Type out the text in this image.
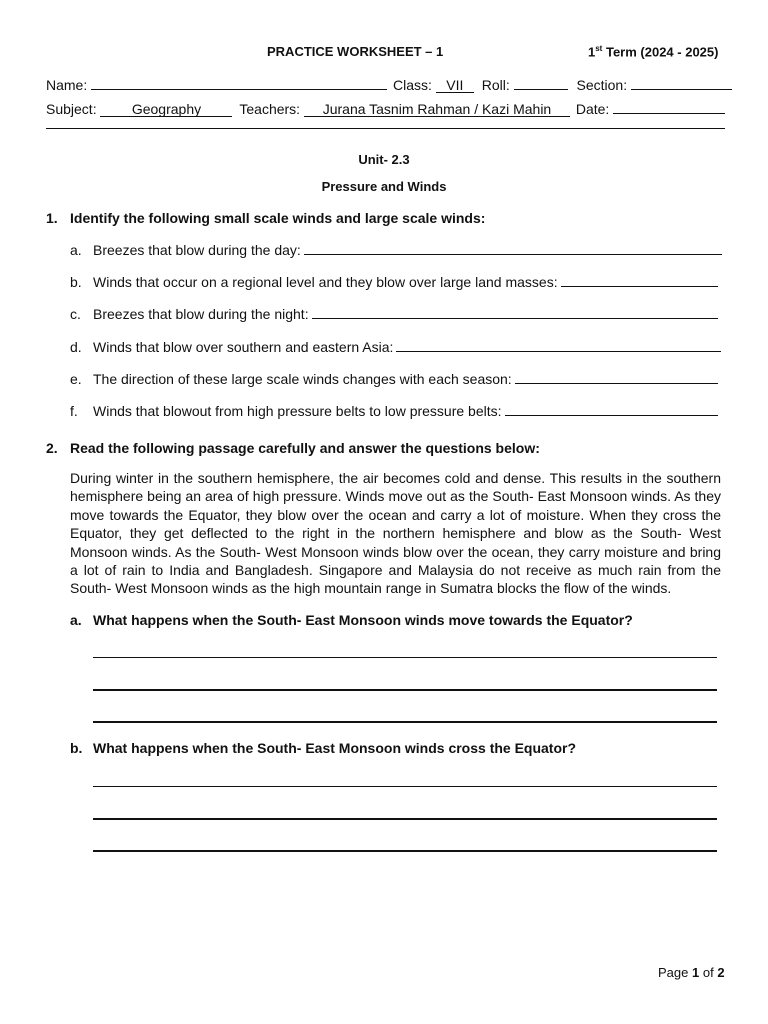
PRACTICE WORKSHEET – 1	1st Term (2024 - 2025)
Name:	Class: VII Roll:	Section:
Subject:	Geography	Teachers: Jurana Tasnim Rahman / Kazi Mahin Date:
Unit- 2.3
Pressure and Winds
1. Identify the following small scale winds and large scale winds:
a. Breezes that blow during the day:
b. Winds that occur on a regional level and they blow over large land masses:
c. Breezes that blow during the night:
d. Winds that blow over southern and eastern Asia:
e. The direction of these large scale winds changes with each season:
f.	Winds that blowout from high pressure belts to low pressure belts:
2. Read the following passage carefully and answer the questions below:
During winter in the southern hemisphere, the air becomes cold and dense. This results in the southern hemisphere being an area of high pressure. Winds move out as the South- East Monsoon winds. As they move towards the Equator, they blow over the ocean and carry a lot of moisture. When they cross the Equator, they get deflected to the right in the northern hemisphere and blow as the South- West Monsoon winds. As the South- West Monsoon winds blow over the ocean, they carry moisture and bring a lot of rain to India and Bangladesh. Singapore and Malaysia do not receive as much rain from the South- West Monsoon winds as the high mountain range in Sumatra blocks the flow of the winds.
a. What happens when the South- East Monsoon winds move towards the Equator?
b. What happens when the South- East Monsoon winds cross the Equator?
Page 1 of 2
